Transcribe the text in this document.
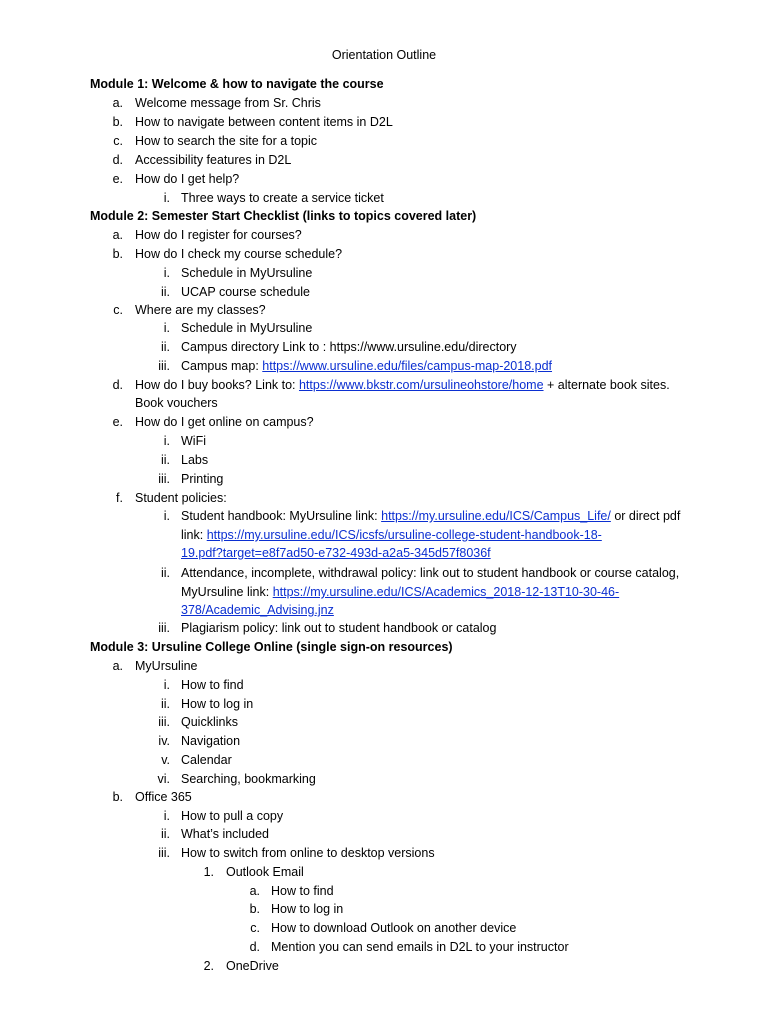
Orientation Outline
Module 1: Welcome & how to navigate the course
a. Welcome message from Sr. Chris
b. How to navigate between content items in D2L
c. How to search the site for a topic
d. Accessibility features in D2L
e. How do I get help?
i. Three ways to create a service ticket
Module 2: Semester Start Checklist (links to topics covered later)
a. How do I register for courses?
b. How do I check my course schedule?
i. Schedule in MyUrsuline
ii. UCAP course schedule
c. Where are my classes?
i. Schedule in MyUrsuline
ii. Campus directory Link to : https://www.ursuline.edu/directory
iii. Campus map: https://www.ursuline.edu/files/campus-map-2018.pdf
d. How do I buy books? Link to: https://www.bkstr.com/ursulineohstore/home + alternate book sites.
Book vouchers
e. How do I get online on campus?
i. WiFi
ii. Labs
iii. Printing
f. Student policies:
i. Student handbook: MyUrsuline link: https://my.ursuline.edu/ICS/Campus_Life/ or direct pdf
link: https://my.ursuline.edu/ICS/icsfs/ursuline-college-student-handbook-18-
19.pdf?target=e8f7ad50-e732-493d-a2a5-345d57f8036f
ii. Attendance, incomplete, withdrawal policy: link out to student handbook or course catalog,
MyUrsuline link: https://my.ursuline.edu/ICS/Academics_2018-12-13T10-30-46-
378/Academic_Advising.jnz
iii. Plagiarism policy: link out to student handbook or catalog
Module 3: Ursuline College Online (single sign-on resources)
a. MyUrsuline
i. How to find
ii. How to log in
iii. Quicklinks
iv. Navigation
v. Calendar
vi. Searching, bookmarking
b. Office 365
i. How to pull a copy
ii. What’s included
iii. How to switch from online to desktop versions
1. Outlook Email
a. How to find
b. How to log in
c. How to download Outlook on another device
d. Mention you can send emails in D2L to your instructor
2. OneDrive
